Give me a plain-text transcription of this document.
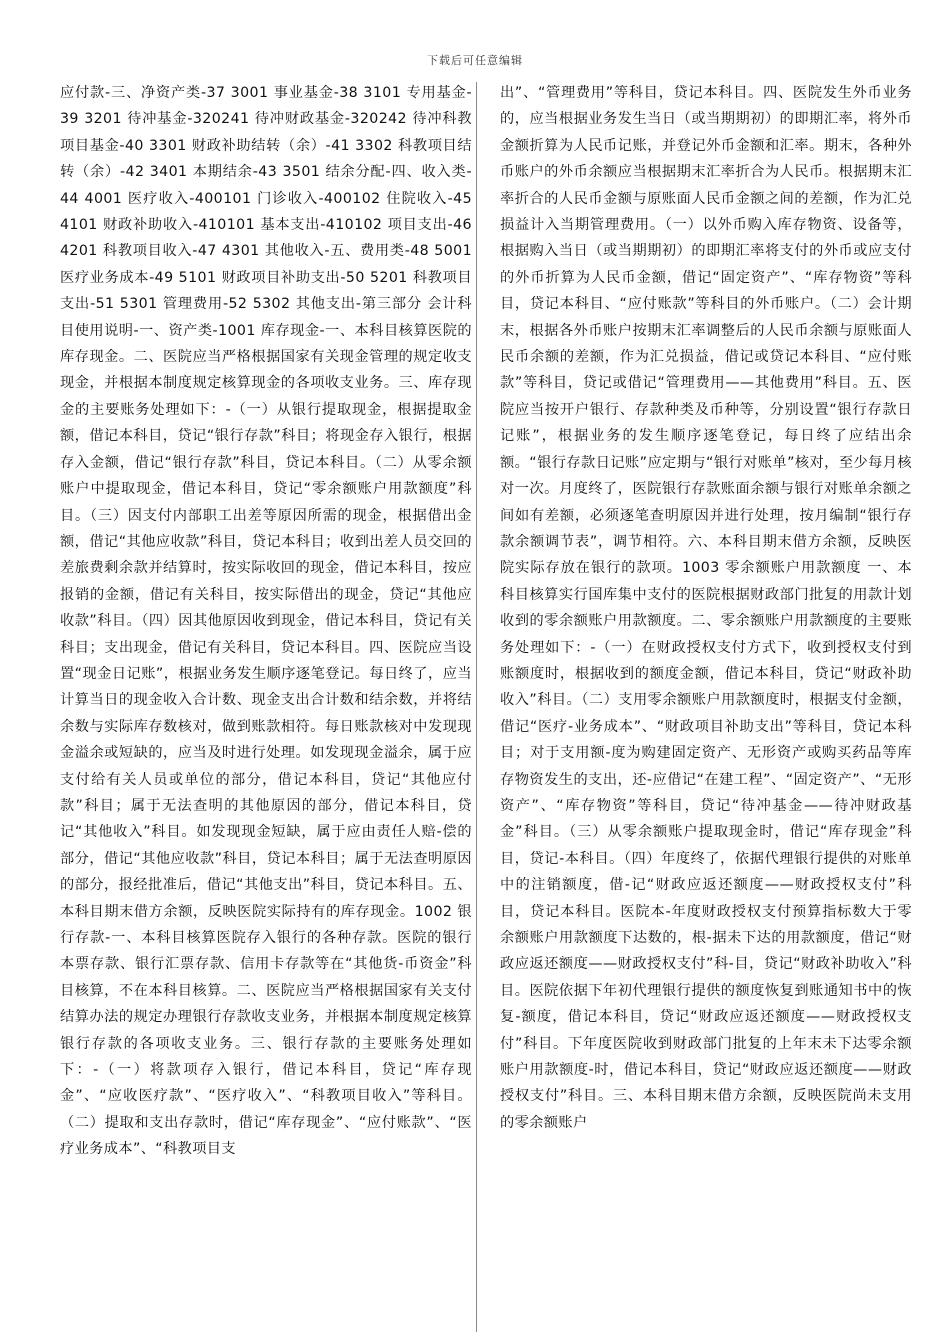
下载后可任意编辑

应付款-三、净资产类-37 3001 事业基金-38 3101 专用基金-39 3201 待冲基金-320241 待冲财政基金-320242 待冲科教项目基金-40 3301 财政补助结转（余）-41 3302 科教项目结转（余）-42 3401 本期结余-43 3501 结余分配-四、收入类-44 4001 医疗收入-400101 门诊收入-400102 住院收入-45 4101 财政补助收入-410101 基本支出-410102 项目支出-46 4201 科教项目收入-47 4301 其他收入-五、费用类-48 5001 医疗业务成本-49 5101 财政项目补助支出-50 5201 科教项目支出-51 5301 管理费用-52 5302 其他支出-第三部分 会计科目使用说明-一、资产类-1001 库存现金-一、本科目核算医院的库存现金。二、医院应当严格根据国家有关现金管理的规定收支现金，并根据本制度规定核算现金的各项收支业务。三、库存现金的主要账务处理如下：-（一）从银行提取现金，根据提取金额，借记本科目，贷记“银行存款”科目；将现金存入银行，根据存入金额，借记“银行存款”科目，贷记本科目。（二）从零余额账户中提取现金，借记本科目，贷记“零余额账户用款额度”科目。（三）因支付内部职工出差等原因所需的现金，根据借出金额，借记“其他应收款”科目，贷记本科目；收到出差人员交回的差旅费剩余款并结算时，按实际收回的现金，借记本科目，按应报销的金额，借记有关科目，按实际借出的现金，贷记“其他应收款”科目。（四）因其他原因收到现金，借记本科目，贷记有关科目；支出现金，借记有关科目，贷记本科目。四、医院应当设置“现金日记账”，根据业务发生顺序逐笔登记。每日终了，应当计算当日的现金收入合计数、现金支出合计数和结余数，并将结余数与实际库存数核对，做到账款相符。每日账款核对中发现现金溢余或短缺的，应当及时进行处理。如发现现金溢余，属于应支付给有关人员或单位的部分，借记本科目，贷记“其他应付款”科目；属于无法查明的其他原因的部分，借记本科目，贷记“其他收入”科目。如发现现金短缺，属于应由责任人赔-偿的部分，借记“其他应收款”科目，贷记本科目；属于无法查明原因的部分，报经批准后，借记“其他支出”科目，贷记本科目。五、本科目期末借方余额，反映医院实际持有的库存现金。1002 银行存款-一、本科目核算医院存入银行的各种存款。医院的银行本票存款、银行汇票存款、信用卡存款等在“其他货-币资金”科目核算，不在本科目核算。二、医院应当严格根据国家有关支付结算办法的规定办理银行存款收支业务，并根据本制度规定核算银行存款的各项收支业务。三、银行存款的主要账务处理如下：-（一）将款项存入银行，借记本科目，贷记“库存现金”、“应收医疗款”、“医疗收入”、“科教项目收入”等科目。（二）提取和支出存款时，借记“库存现金”、“应付账款”、“医疗业务成本”、“科教项目支

出”、“管理费用”等科目，贷记本科目。四、医院发生外币业务的，应当根据业务发生当日（或当期期初）的即期汇率，将外币金额折算为人民币记账，并登记外币金额和汇率。期末，各种外币账户的外币余额应当根据期末汇率折合为人民币。根据期末汇率折合的人民币金额与原账面人民币金额之间的差额，作为汇兑损益计入当期管理费用。（一）以外币购入库存物资、设备等，根据购入当日（或当期期初）的即期汇率将支付的外币或应支付的外币折算为人民币金额，借记“固定资产”、“库存物资”等科目，贷记本科目、“应付账款”等科目的外币账户。（二）会计期末，根据各外币账户按期末汇率调整后的人民币余额与原账面人民币余额的差额，作为汇兑损益，借记或贷记本科目、“应付账款”等科目，贷记或借记“管理费用——其他费用”科目。五、医院应当按开户银行、存款种类及币种等，分别设置“银行存款日记账”，根据业务的发生顺序逐笔登记，每日终了应结出余额。“银行存款日记账”应定期与“银行对账单”核对，至少每月核对一次。月度终了，医院银行存款账面余额与银行对账单余额之间如有差额，必须逐笔查明原因并进行处理，按月编制“银行存款余额调节表”，调节相符。六、本科目期末借方余额，反映医院实际存放在银行的款项。1003 零余额账户用款额度 一、本科目核算实行国库集中支付的医院根据财政部门批复的用款计划收到的零余额账户用款额度。二、零余额账户用款额度的主要账务处理如下：-（一）在财政授权支付方式下，收到授权支付到账额度时，根据收到的额度金额，借记本科目，贷记“财政补助收入”科目。（二）支用零余额账户用款额度时，根据支付金额，借记“医疗-业务成本”、“财政项目补助支出”等科目，贷记本科目；对于支用额-度为购建固定资产、无形资产或购买药品等库存物资发生的支出，还-应借记“在建工程”、“固定资产”、“无形资产”、“库存物资”等科目，贷记“待冲基金——待冲财政基金”科目。（三）从零余额账户提取现金时，借记“库存现金”科目，贷记-本科目。（四）年度终了，依据代理银行提供的对账单中的注销额度，借-记“财政应返还额度——财政授权支付”科目，贷记本科目。医院本-年度财政授权支付预算指标数大于零余额账户用款额度下达数的，根-据未下达的用款额度，借记“财政应返还额度——财政授权支付”科-目，贷记“财政补助收入”科目。医院依据下年初代理银行提供的额度恢复到账通知书中的恢复-额度，借记本科目，贷记“财政应返还额度——财政授权支付”科目。下年度医院收到财政部门批复的上年末未下达零余额账户用款额度-时，借记本科目，贷记“财政应返还额度——财政授权支付”科目。三、本科目期末借方余额，反映医院尚未支用的零余额账户
